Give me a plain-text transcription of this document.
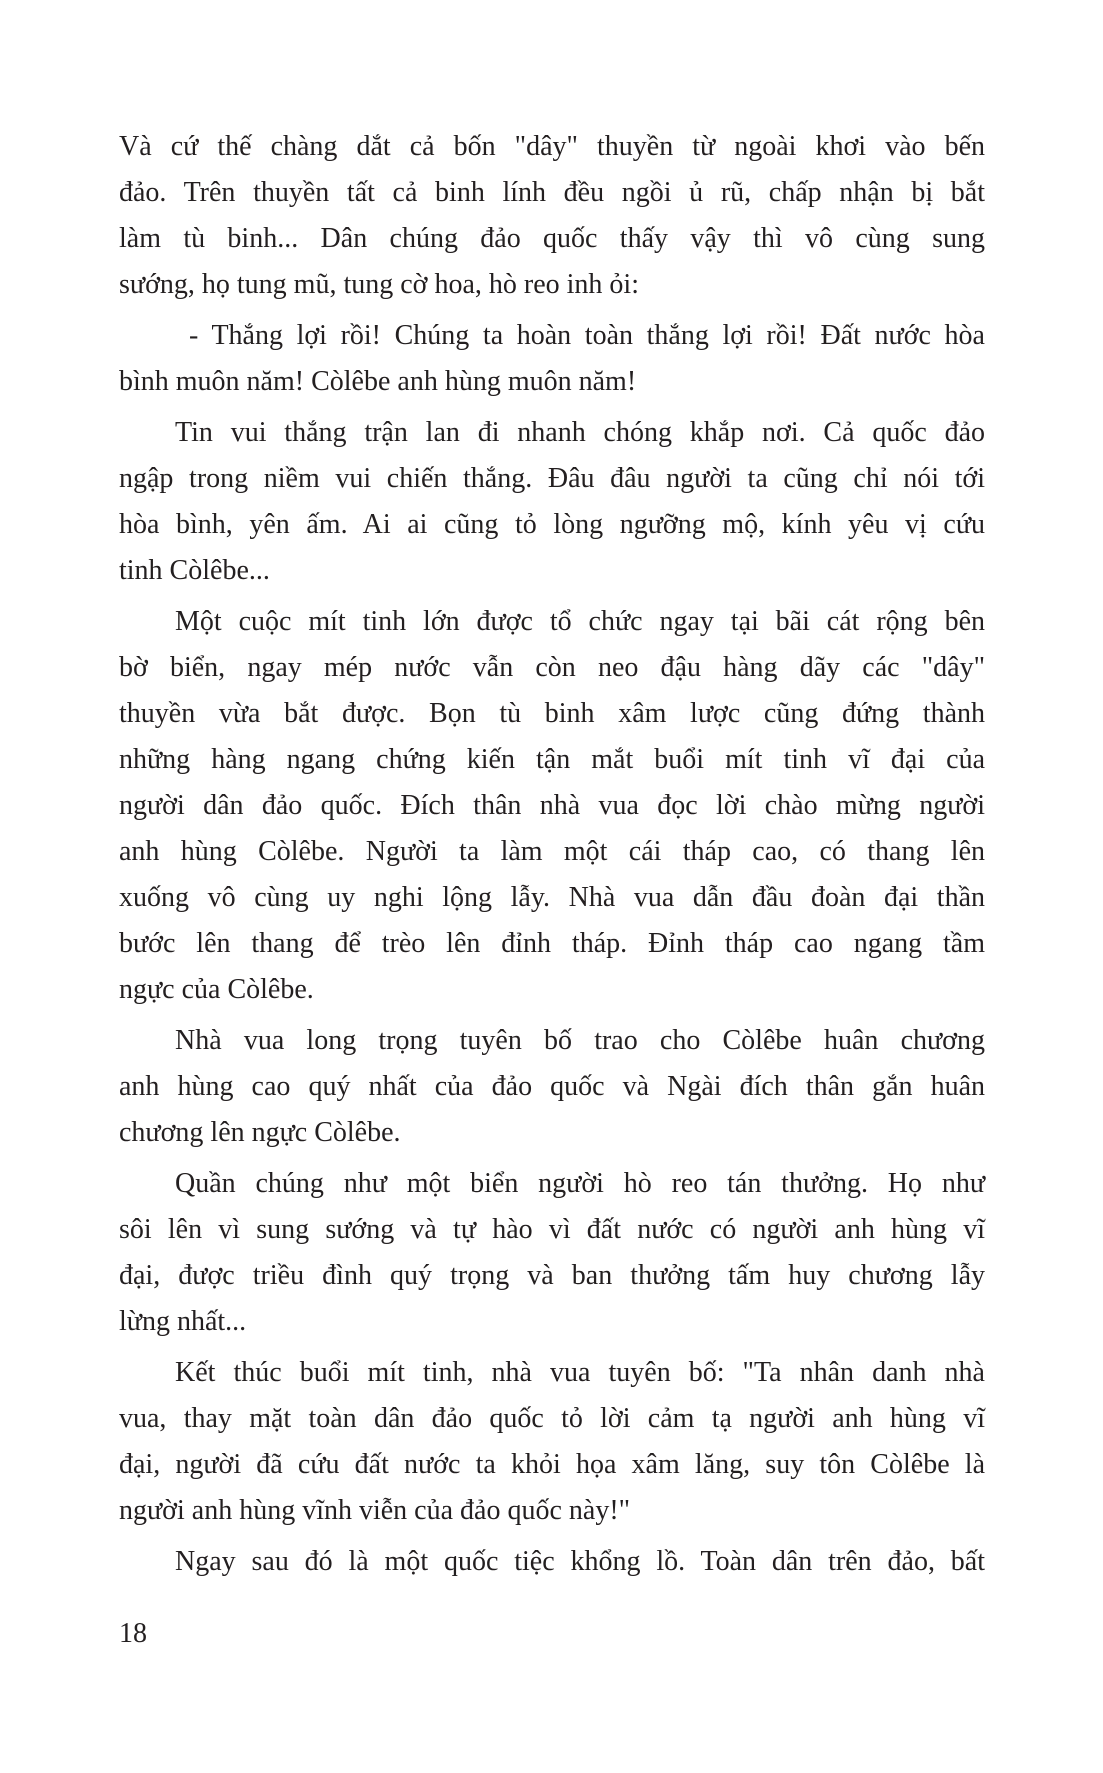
Và cứ thế chàng dắt cả bốn "dây" thuyền từ ngoài khơi vào bến
đảo. Trên thuyền tất cả binh lính đều ngồi ủ rũ, chấp nhận bị bắt
làm tù binh... Dân chúng đảo quốc thấy vậy thì vô cùng sung
sướng, họ tung mũ, tung cờ hoa, hò reo inh ỏi:
- Thắng lợi rồi! Chúng ta hoàn toàn thắng lợi rồi! Đất nước hòa
bình muôn năm! Còlêbe anh hùng muôn năm!
Tin vui thắng trận lan đi nhanh chóng khắp nơi. Cả quốc đảo
ngập trong niềm vui chiến thắng. Đâu đâu người ta cũng chỉ nói tới
hòa bình, yên ấm. Ai ai cũng tỏ lòng ngưỡng mộ, kính yêu vị cứu
tinh Còlêbe...
Một cuộc mít tinh lớn được tổ chức ngay tại bãi cát rộng bên
bờ biển, ngay mép nước vẫn còn neo đậu hàng dãy các "dây"
thuyền vừa bắt được. Bọn tù binh xâm lược cũng đứng thành
những hàng ngang chứng kiến tận mắt buổi mít tinh vĩ đại của
người dân đảo quốc. Đích thân nhà vua đọc lời chào mừng người
anh hùng Còlêbe. Người ta làm một cái tháp cao, có thang lên
xuống vô cùng uy nghi lộng lẫy. Nhà vua dẫn đầu đoàn đại thần
bước lên thang để trèo lên đỉnh tháp. Đỉnh tháp cao ngang tầm
ngực của Còlêbe.
Nhà vua long trọng tuyên bố trao cho Còlêbe huân chương
anh hùng cao quý nhất của đảo quốc và Ngài đích thân gắn huân
chương lên ngực Còlêbe.
Quần chúng như một biển người hò reo tán thưởng. Họ như
sôi lên vì sung sướng và tự hào vì đất nước có người anh hùng vĩ
đại, được triều đình quý trọng và ban thưởng tấm huy chương lẫy
lừng nhất...
Kết thúc buổi mít tinh, nhà vua tuyên bố: "Ta nhân danh nhà
vua, thay mặt toàn dân đảo quốc tỏ lời cảm tạ người anh hùng vĩ
đại, người đã cứu đất nước ta khỏi họa xâm lăng, suy tôn Còlêbe là
người anh hùng vĩnh viễn của đảo quốc này!"
Ngay sau đó là một quốc tiệc khổng lồ. Toàn dân trên đảo, bất
18
